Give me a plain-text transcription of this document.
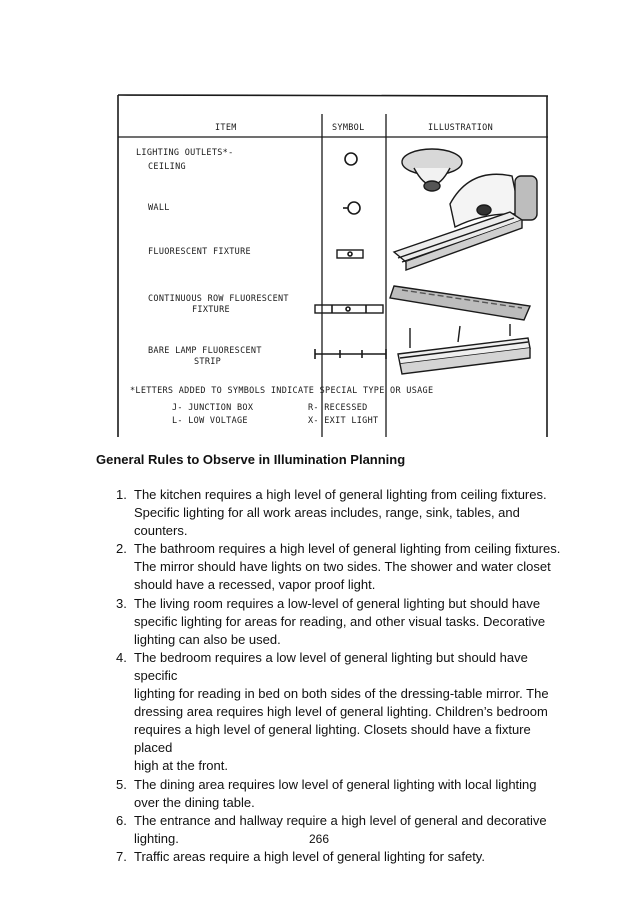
ITEM	SYMBOL	ILLUSTRATION
LIGHTING OUTLETS*-
CEILING
WALL
FLUORESCENT FIXTURE
CONTINUOUS ROW FLUORESCENT
FIXTURE
BARE LAMP FLUORESCENT
STRIP
*LETTERS ADDED TO SYMBOLS INDICATE SPECIAL TYPE OR USAGE
J- JUNCTION BOX	R- RECESSED
L- LOW VOLTAGE	X- EXIT LIGHT
General Rules to Observe in Illumination Planning
1. The kitchen requires a high level of general lighting from ceiling fixtures.
Specific lighting for all work areas includes, range, sink, tables, and
counters.
2. The bathroom requires a high level of general lighting from ceiling fixtures.
The mirror should have lights on two sides. The shower and water closet
should have a recessed, vapor proof light.
3. The living room requires a low-level of general lighting but should have
specific lighting for areas for reading, and other visual tasks. Decorative
lighting can also be used.
4. The bedroom requires a low level of general lighting but should have specific
lighting for reading in bed on both sides of the dressing-table mirror. The
dressing area requires high level of general lighting. Children’s bedroom
requires a high level of general lighting. Closets should have a fixture placed
high at the front.
5. The dining area requires low level of general lighting with local lighting
over the dining table.
6. The entrance and hallway require a high level of general and decorative
lighting.
7. Traffic areas require a high level of general lighting for safety.
266
